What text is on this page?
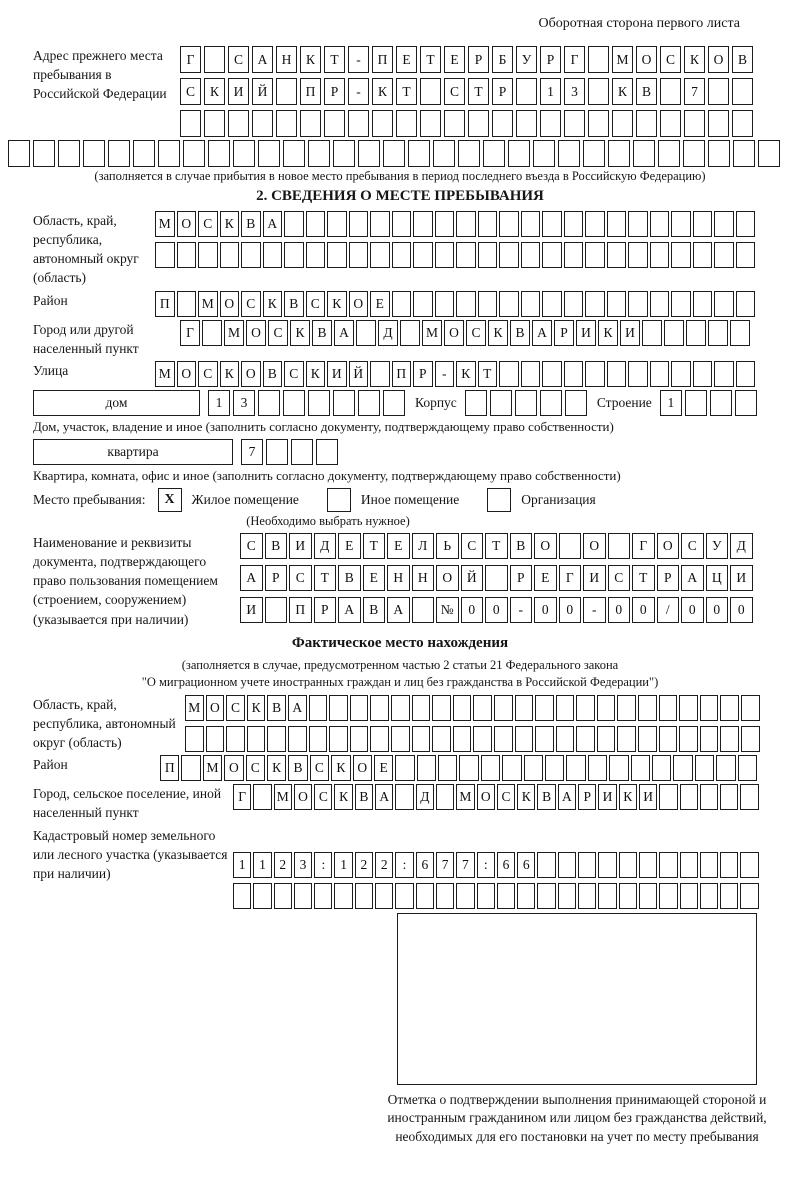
Оборотная сторона первого листа
Адрес прежнего места пребывания в Российской Федерации
Г	С	А	Н	К	Т	-	П	Е	Т	Е	Р	Б	У	Р	Г	М О	С	К	О	В
С	К	И	Й	П	Р	-	К	Т	С	Т	Р	1	3	К	В	7
(заполняется в случае прибытия в новое место пребывания в период последнего въезда в Российскую Федерацию)
2. СВЕДЕНИЯ О МЕСТЕ ПРЕБЫВАНИЯ
Область, край, республика, автономный округ (область)
М О С К В А
Район	П	М О С К В С К О Е
Город или другой населенный пункт
Г	М О С К В А	Д	М О С К В А Р И К И
Улица	М О С К О В С К И Й	П Р	-	К Т
дом	1	3	Корпус	Строение	1
Дом, участок, владение и иное (заполнить согласно документу, подтверждающему право собственности)
квартира	7
Квартира, комната, офис и иное (заполнить согласно документу, подтверждающему право собственности)
Место пребывания:	X	Жилое помещение	Иное помещение	Организация
(Необходимо выбрать нужное)
Наименование и реквизиты документа, подтверждающего право пользования помещением (строением, сооружением) (указывается при наличии)
С	В	И	Д	Е	Т	Е	Л	Ь	С	Т	В	О	О	Г	О	С	У	Д
А	Р	С	Т	В	Е	Н	Н	О	Й	Р	Е	Г	И	С	Т	Р	А	Ц	И
И	П	Р	А	В	А	№	0	0	-	0	0	-	0	0	/	0	0	0
Фактическое место нахождения
(заполняется в случае, предусмотренном частью 2 статьи 21 Федерального закона
"О миграционном учете иностранных граждан и лиц без гражданства в Российской Федерации")
Область, край, республика, автономный округ (область)
М О С К В А
Район	П	М О С К В С К О Е
Город, сельское поселение, иной населенный пункт
Г	М О С К В А	Д	М О С К В А Р И К И
Кадастровый номер земельного или лесного участка (указывается при наличии)
1	1	2	3	:	1	2	2	:	6	7	7	:	6	6
Отметка о подтверждении выполнения принимающей стороной и иностранным гражданином или лицом без гражданства действий, необходимых для его постановки на учет по месту пребывания
